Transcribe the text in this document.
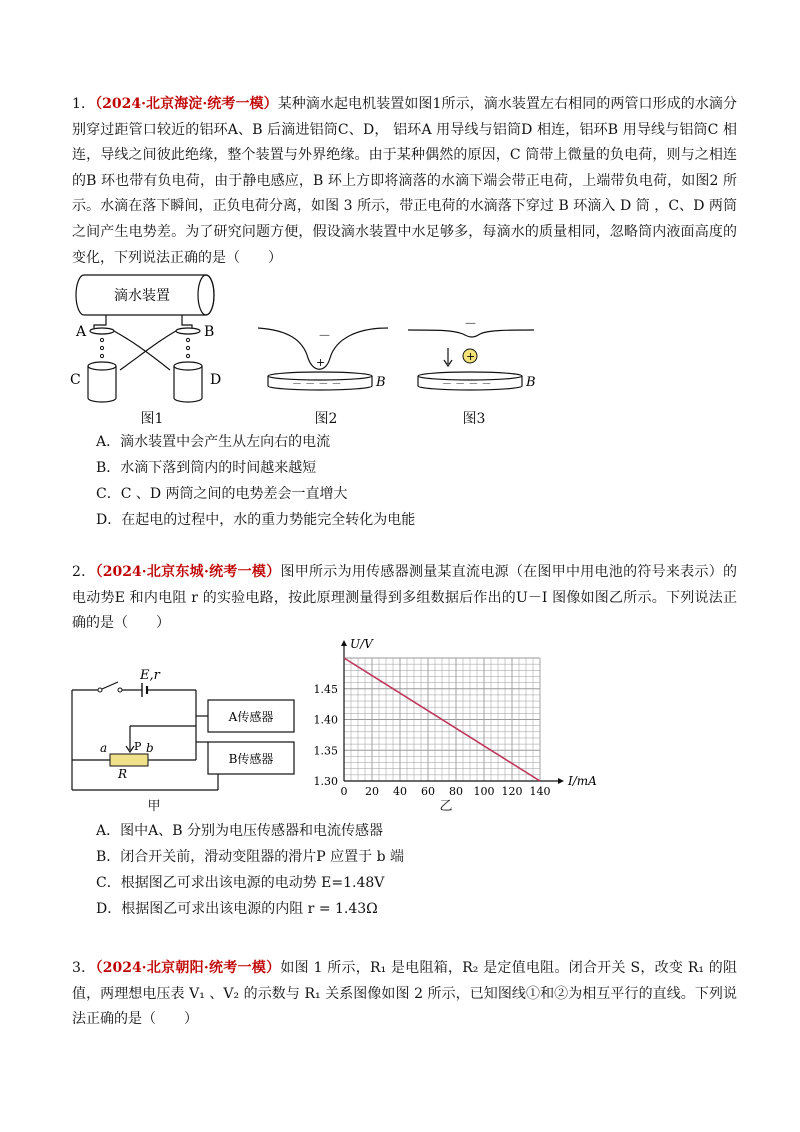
1．（2024·北京海淀·统考一模）某种滴水起电机装置如图1所示，滴水装置左右相同的两管口形成的水滴分别穿过距管口较近的铝环A、B 后滴进铝筒C、D， 铝环A 用导线与铝筒D 相连，铝环B 用导线与铝筒C 相连，导线之间彼此绝缘，整个装置与外界绝缘。由于某种偶然的原因，C 筒带上微量的负电荷，则与之相连的B 环也带有负电荷，由于静电感应，B 环上方即将滴落的水滴下端会带正电荷，上端带负电荷，如图2 所示。水滴在落下瞬间，正负电荷分离，如图 3 所示，带正电荷的水滴落下穿过 B 环滴入 D 筒 ，C、D 两筒之间产生电势差。为了研究问题方便，假设滴水装置中水足够多，每滴水的质量相同，忽略筒内液面高度的变化，下列说法正确的是（　　）
滴水装置
A	B
C	D
图1
－
+
－ － － －	B
图2
－
+
－ － － －	B
图3
A．滴水装置中会产生从左向右的电流
B．水滴下落到筒内的时间越来越短
C．C 、D 两筒之间的电势差会一直增大
D．在起电的过程中，水的重力势能完全转化为电能
2．（2024·北京东城·统考一模）图甲所示为用传感器测量某直流电源（在图甲中用电池的符号来表示）的电动势E 和内电阻 r 的实验电路，按此原理测量得到多组数据后作出的U－I 图像如图乙所示。下列说法正确的是（　　）
E,r
A传感器
P
a	b
R
B传感器
甲
0 20 40 60 80 100 120 140
1.30
1.35
1.40
1.45
I/mA
U/V
乙
A．图中A、B 分别为电压传感器和电流传感器
B．闭合开关前，滑动变阻器的滑片P 应置于 b 端
C．根据图乙可求出该电源的电动势 E=1.48V
D．根据图乙可求出该电源的内阻 r = 1.43Ω
3．（2024·北京朝阳·统考一模）如图 1 所示，R₁ 是电阻箱，R₂ 是定值电阻。闭合开关 S，改变 R₁ 的阻值，两理想电压表 V₁ 、V₂ 的示数与 R₁ 关系图像如图 2 所示，已知图线①和②为相互平行的直线。下列说法正确的是（　　）
